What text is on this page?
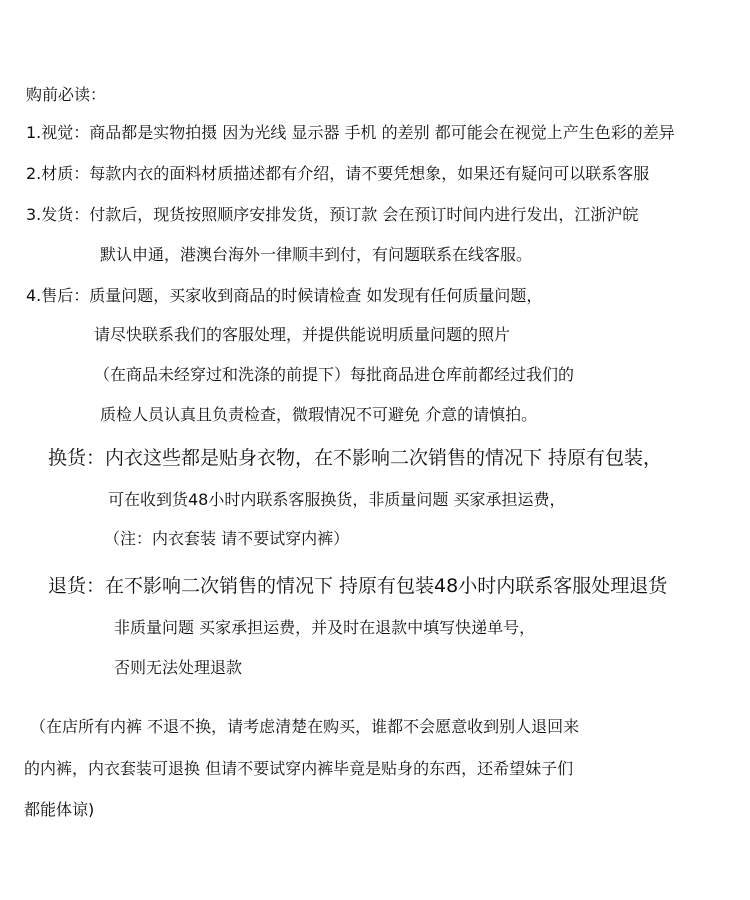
购前必读：
1.视觉：商品都是实物拍摄 因为光线 显示器 手机 的差别 都可能会在视觉上产生色彩的差异
2.材质：每款内衣的面料材质描述都有介绍，请不要凭想象，如果还有疑问可以联系客服
3.发货：付款后，现货按照顺序安排发货，预订款 会在预订时间内进行发出，江浙沪皖
默认申通，港澳台海外一律顺丰到付，有问题联系在线客服。
4.售后：质量问题，买家收到商品的时候请检查 如发现有任何质量问题，
请尽快联系我们的客服处理，并提供能说明质量问题的照片
（在商品未经穿过和洗涤的前提下）每批商品进仓库前都经过我们的
质检人员认真且负责检查，微瑕情况不可避免 介意的请慎拍。
换货：内衣这些都是贴身衣物，在不影响二次销售的情况下 持原有包装，
可在收到货48小时内联系客服换货，非质量问题 买家承担运费，
（注：内衣套装 请不要试穿内裤）
退货：在不影响二次销售的情况下 持原有包装48小时内联系客服处理退货
非质量问题 买家承担运费，并及时在退款中填写快递单号，
否则无法处理退款
（在店所有内裤 不退不换，请考虑清楚在购买，谁都不会愿意收到别人退回来
的内裤，内衣套装可退换 但请不要试穿内裤毕竟是贴身的东西，还希望妹子们
都能体谅)
